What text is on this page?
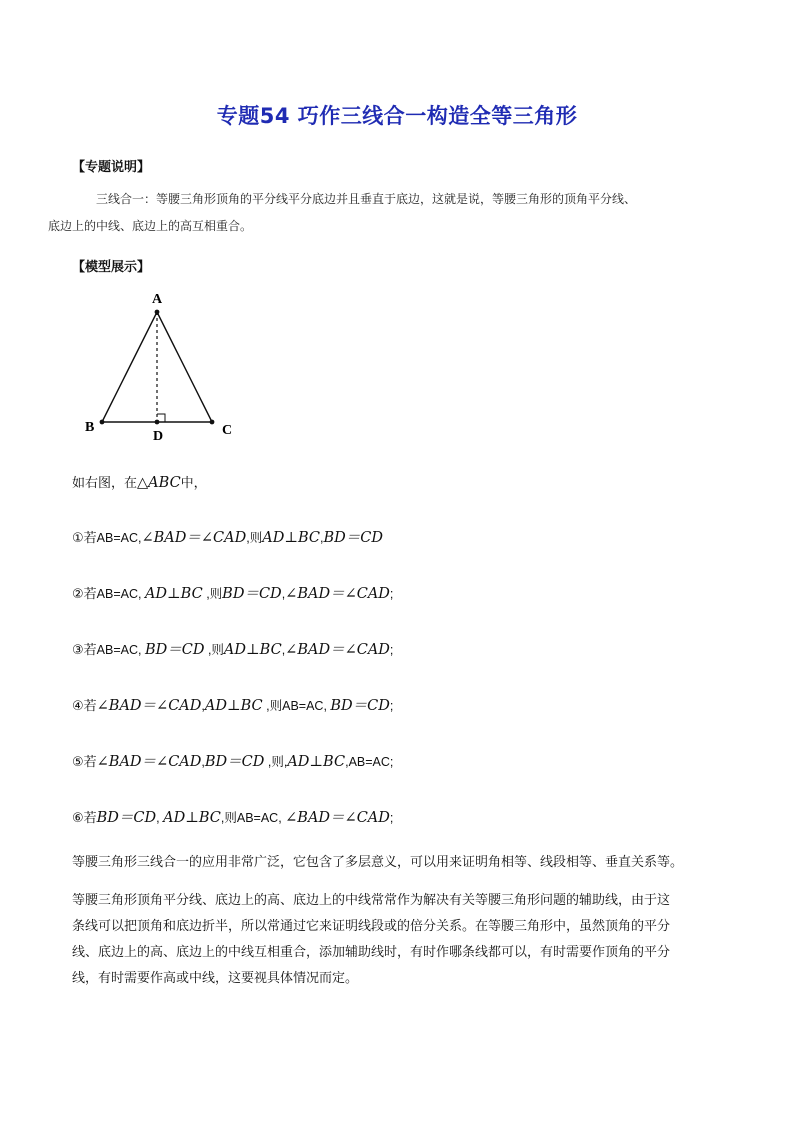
专题54 巧作三线合一构造全等三角形
【专题说明】
三线合一：等腰三角形顶角的平分线平分底边并且垂直于底边，这就是说，等腰三角形的顶角平分线、
底边上的中线、底边上的高互相重合。
【模型展示】
A
B	C
D
如右图，在△ABC中，
①若AB=AC,∠BAD＝∠CAD,则AD⊥BC,BD＝CD
②若AB=AC, AD⊥BC ,则BD＝CD,∠BAD＝∠CAD;
③若AB=AC, BD＝CD ,则AD⊥BC,∠BAD＝∠CAD;
④若∠BAD＝∠CAD,AD⊥BC ,则AB=AC, BD＝CD;
⑤若∠BAD＝∠CAD,BD＝CD ,则,AD⊥BC,AB=AC;
⑥若BD＝CD, AD⊥BC,则AB=AC, ∠BAD＝∠CAD;
等腰三角形三线合一的应用非常广泛，它包含了多层意义，可以用来证明角相等、线段相等、垂直关系等。
等腰三角形顶角平分线、底边上的高、底边上的中线常常作为解决有关等腰三角形问题的辅助线，由于这
条线可以把顶角和底边折半，所以常通过它来证明线段或的倍分关系。在等腰三角形中，虽然顶角的平分
线、底边上的高、底边上的中线互相重合，添加辅助线时，有时作哪条线都可以，有时需要作顶角的平分
线，有时需要作高或中线，这要视具体情况而定。
